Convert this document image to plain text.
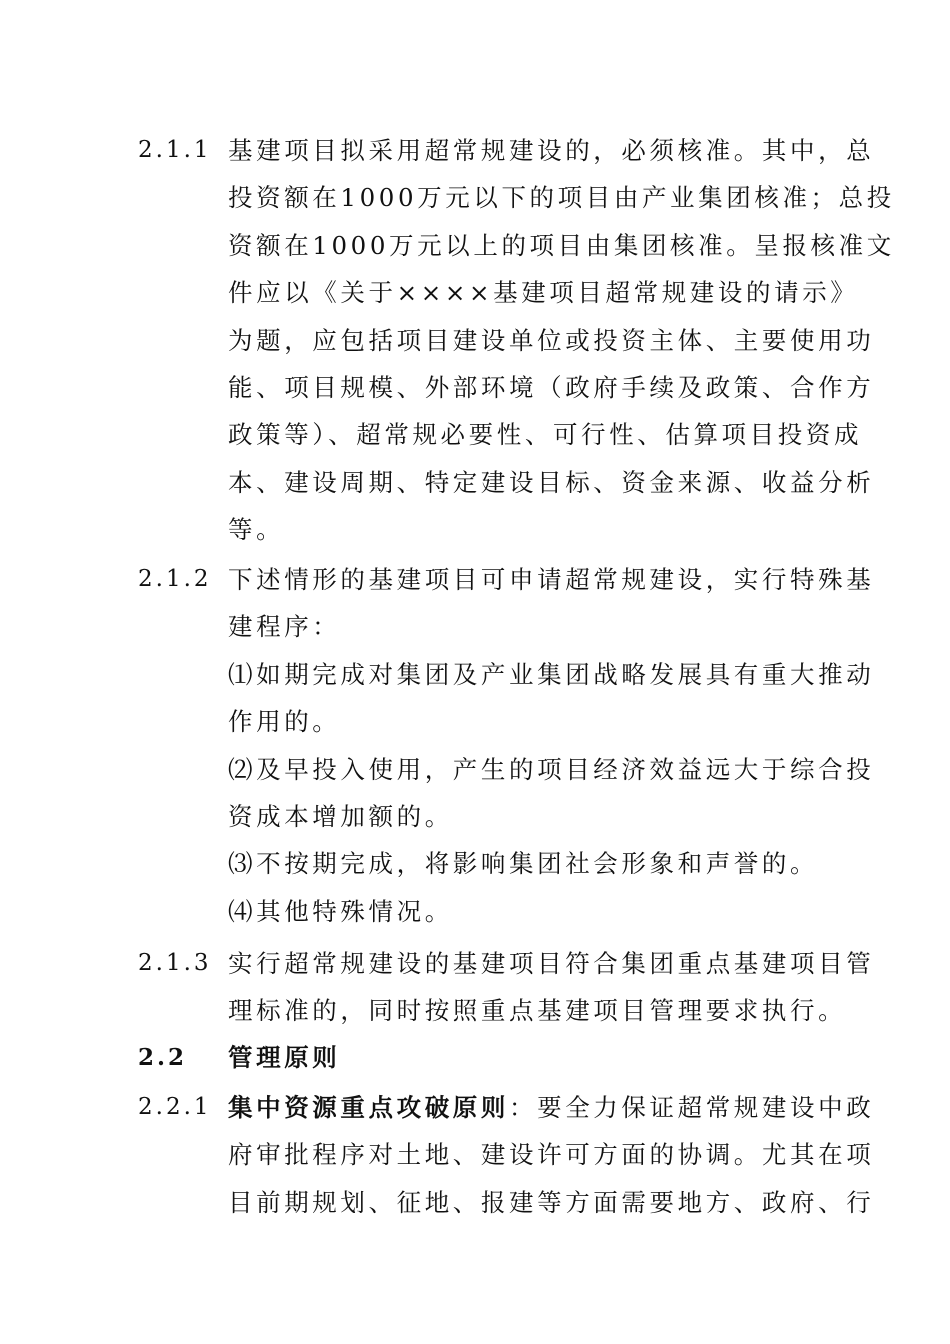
2.1.1 基建项目拟采用超常规建设的，必须核准。其中，总
投资额在1000万元以下的项目由产业集团核准；总投
资额在1000万元以上的项目由集团核准。呈报核准文
件应以《关于××××基建项目超常规建设的请示》
为题，应包括项目建设单位或投资主体、主要使用功
能、项目规模、外部环境（政府手续及政策、合作方
政策等）、超常规必要性、可行性、估算项目投资成
本、建设周期、特定建设目标、资金来源、收益分析
等。
2.1.2 下述情形的基建项目可申请超常规建设，实行特殊基
建程序：
⑴如期完成对集团及产业集团战略发展具有重大推动
作用的。
⑵及早投入使用，产生的项目经济效益远大于综合投
资成本增加额的。
⑶不按期完成，将影响集团社会形象和声誉的。
⑷其他特殊情况。
2.1.3 实行超常规建设的基建项目符合集团重点基建项目管
理标准的，同时按照重点基建项目管理要求执行。
2.2 管理原则
2.2.1 集中资源重点攻破原则：要全力保证超常规建设中政
府审批程序对土地、建设许可方面的协调。尤其在项
目前期规划、征地、报建等方面需要地方、政府、行
